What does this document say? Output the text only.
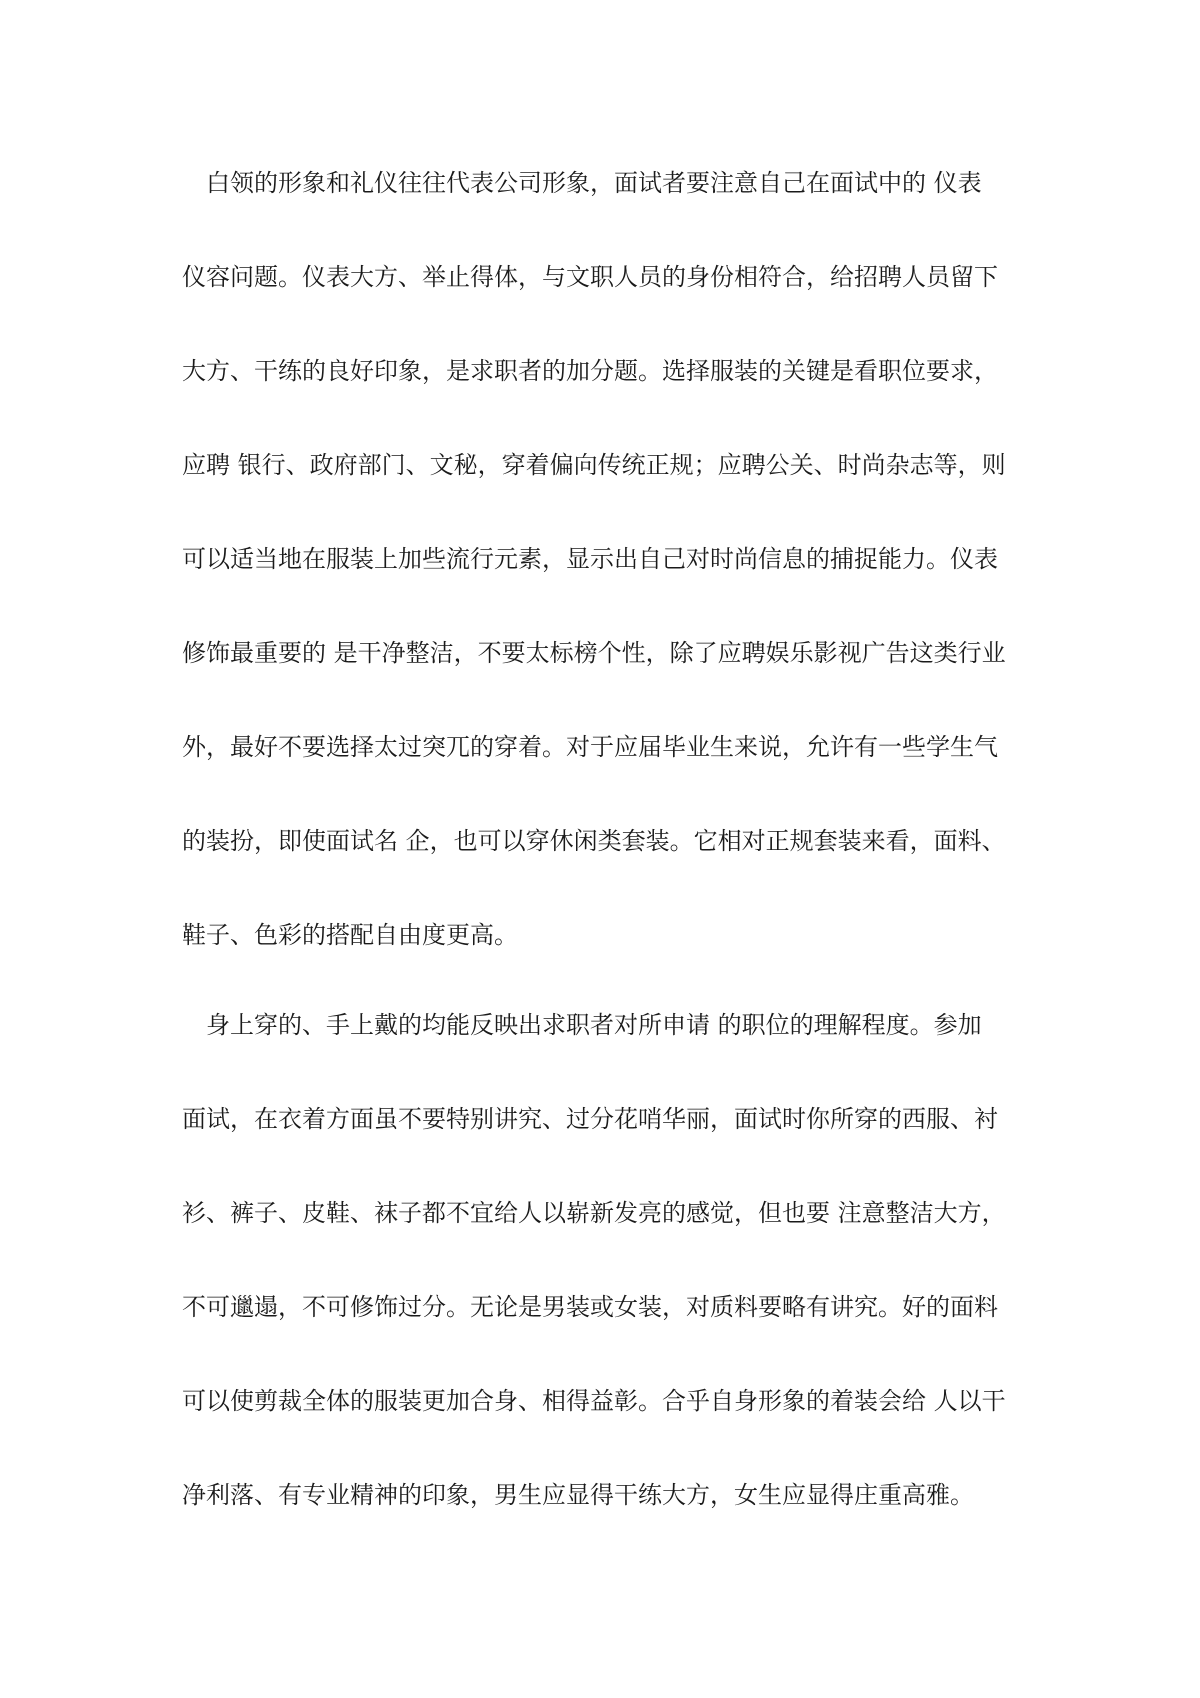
　白领的形象和礼仪往往代表公司形象，面试者要注意自己在面试中的 仪表
仪容问题。仪表大方、举止得体，与文职人员的身份相符合，给招聘人员留下
大方、干练的良好印象，是求职者的加分题。选择服装的关键是看职位要求，
应聘 银行、政府部门、文秘，穿着偏向传统正规；应聘公关、时尚杂志等，则
可以适当地在服装上加些流行元素，显示出自己对时尚信息的捕捉能力。仪表
修饰最重要的 是干净整洁，不要太标榜个性，除了应聘娱乐影视广告这类行业
外，最好不要选择太过突兀的穿着。对于应届毕业生来说，允许有一些学生气
的装扮，即使面试名 企，也可以穿休闲类套装。它相对正规套装来看，面料、
鞋子、色彩的搭配自由度更高。
　身上穿的、手上戴的均能反映出求职者对所申请 的职位的理解程度。参加
面试，在衣着方面虽不要特别讲究、过分花哨华丽，面试时你所穿的西服、衬
衫、裤子、皮鞋、袜子都不宜给人以崭新发亮的感觉，但也要 注意整洁大方，
不可邋遢，不可修饰过分。无论是男装或女装，对质料要略有讲究。好的面料
可以使剪裁全体的服装更加合身、相得益彰。合乎自身形象的着装会给 人以干
净利落、有专业精神的印象，男生应显得干练大方，女生应显得庄重高雅。
